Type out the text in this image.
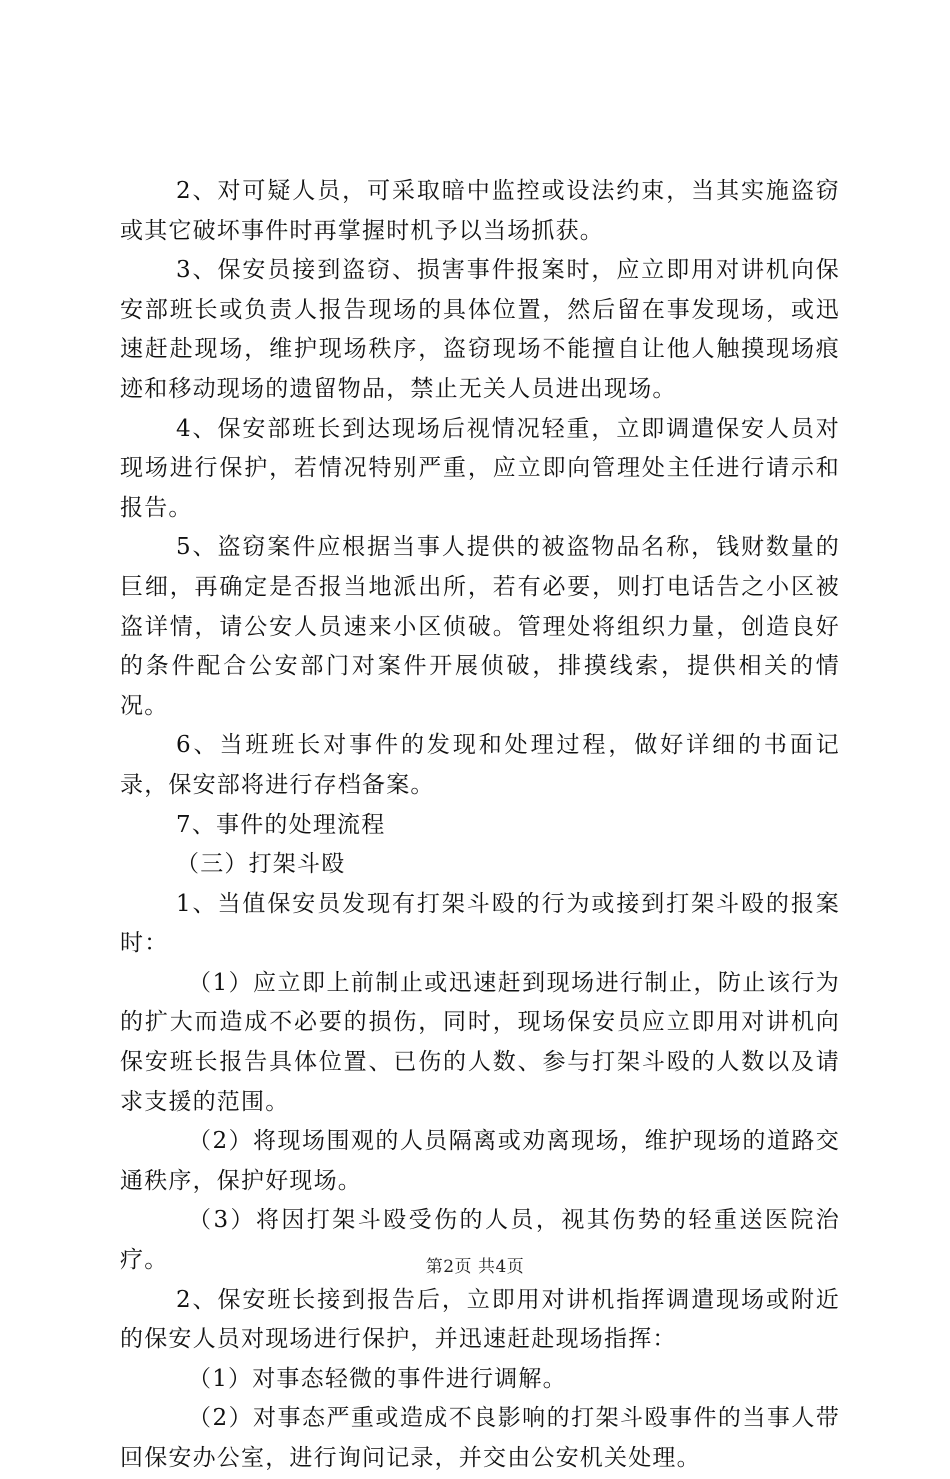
2、对可疑人员，可采取暗中监控或设法约束，当其实施盗窃或其它破坏事件时再掌握时机予以当场抓获。

3、保安员接到盗窃、损害事件报案时，应立即用对讲机向保安部班长或负责人报告现场的具体位置，然后留在事发现场，或迅速赶赴现场，维护现场秩序，盗窃现场不能擅自让他人触摸现场痕迹和移动现场的遗留物品，禁止无关人员进出现场。

4、保安部班长到达现场后视情况轻重，立即调遣保安人员对现场进行保护，若情况特别严重，应立即向管理处主任进行请示和报告。

5、盗窃案件应根据当事人提供的被盗物品名称，钱财数量的巨细，再确定是否报当地派出所，若有必要，则打电话告之小区被盗详情，请公安人员速来小区侦破。管理处将组织力量，创造良好的条件配合公安部门对案件开展侦破，排摸线索，提供相关的情况。

6、当班班长对事件的发现和处理过程，做好详细的书面记录，保安部将进行存档备案。

7、事件的处理流程

（三）打架斗殴

1、当值保安员发现有打架斗殴的行为或接到打架斗殴的报案时：

（1）应立即上前制止或迅速赶到现场进行制止，防止该行为的扩大而造成不必要的损伤，同时，现场保安员应立即用对讲机向保安班长报告具体位置、已伤的人数、参与打架斗殴的人数以及请求支援的范围。

（2）将现场围观的人员隔离或劝离现场，维护现场的道路交通秩序，保护好现场。

（3）将因打架斗殴受伤的人员，视其伤势的轻重送医院治疗。

2、保安班长接到报告后，立即用对讲机指挥调遣现场或附近的保安人员对现场进行保护，并迅速赶赴现场指挥：

（1）对事态轻微的事件进行调解。

（2）对事态严重或造成不良影响的打架斗殴事件的当事人带回保安办公室，进行询问记录，并交由公安机关处理。

第2页 共4页
